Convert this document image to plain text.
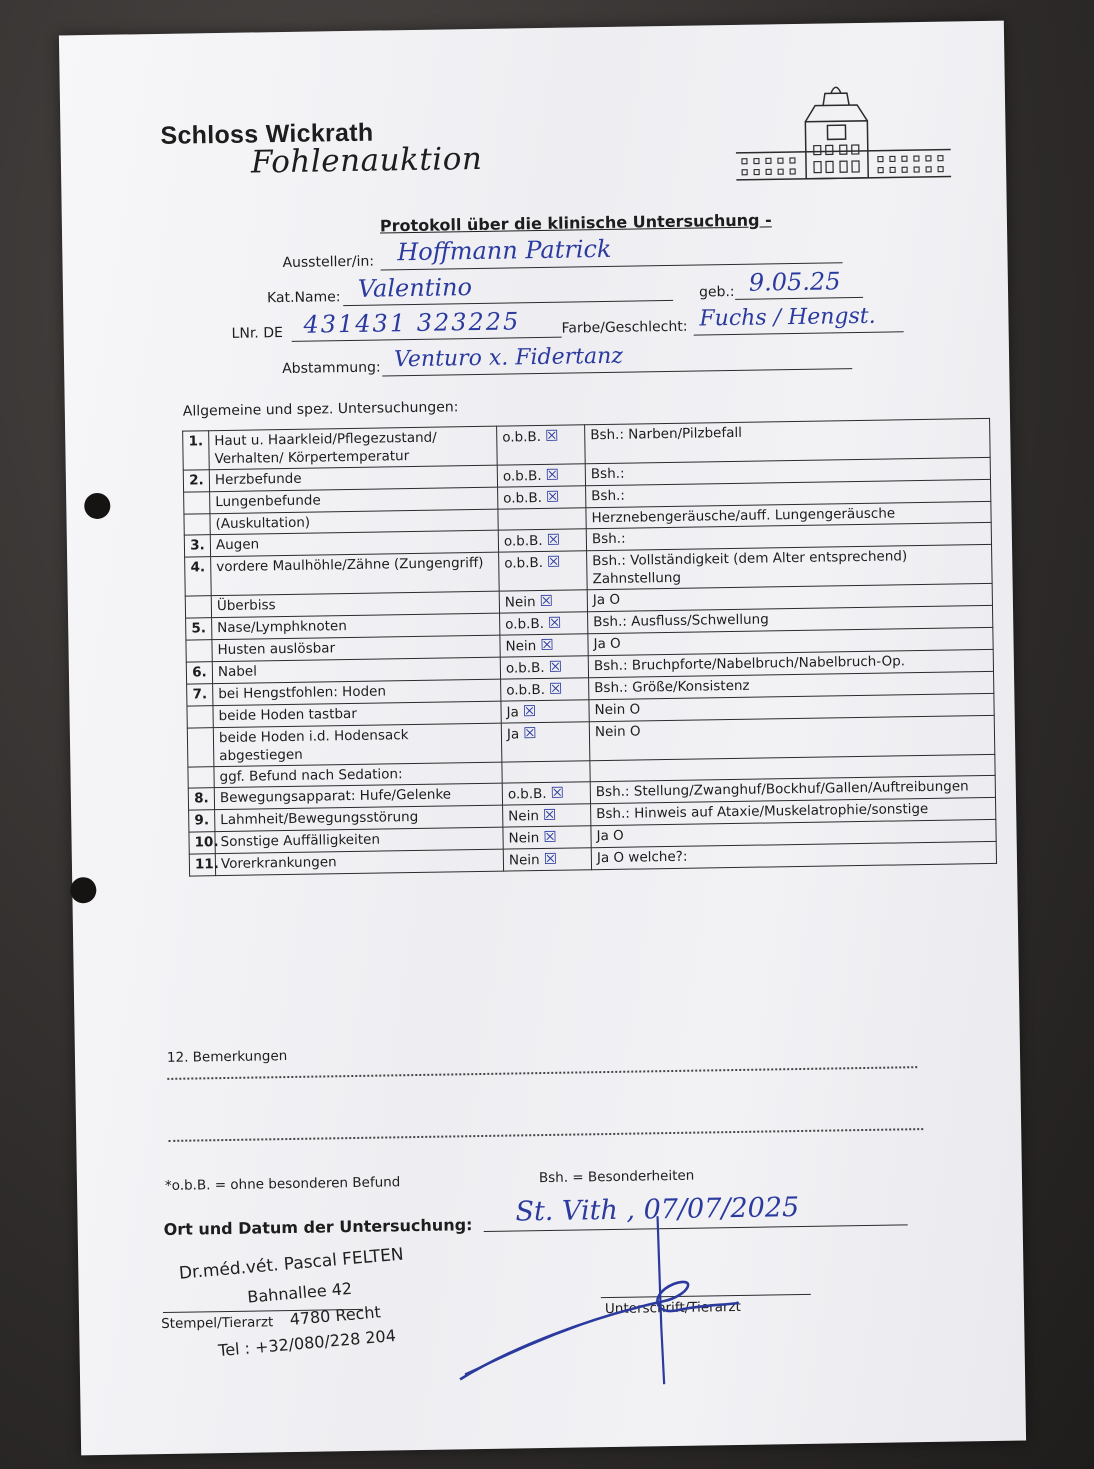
Schloss Wickrath
Fohlenauktion
Protokoll über die klinische Untersuchung -
Aussteller/in: Hoffmann Patrick
Kat.Name: Valentino	geb.: 9.05.25
LNr. DE 431431 323225	Farbe/Geschlecht: Fuchs / Hengst.
Abstammung: Venturo x. Fidertanz
Allgemeine und spez. Untersuchungen:
1.	Haut u. Haarkleid/Pflegezustand/ Verhalten/ Körpertemperatur	o.b.B. ☒	Bsh.: Narben/Pilzbefall
2.	Herzbefunde	o.b.B. ☒	Bsh.:
	Lungenbefunde	o.b.B. ☒	Bsh.:
	(Auskultation)		Herznebengeräusche/auff. Lungengeräusche
3.	Augen	o.b.B. ☒	Bsh.:
4.	vordere Maulhöhle/Zähne (Zungengriff)	o.b.B. ☒	Bsh.: Vollständigkeit (dem Alter entsprechend) Zahnstellung
	Überbiss	Nein ☒	Ja O
5.	Nase/Lymphknoten	o.b.B. ☒	Bsh.: Ausfluss/Schwellung
	Husten auslösbar	Nein ☒	Ja O
6.	Nabel	o.b.B. ☒	Bsh.: Bruchpforte/Nabelbruch/Nabelbruch-Op.
7.	bei Hengstfohlen: Hoden	o.b.B. ☒	Bsh.: Größe/Konsistenz
	beide Hoden tastbar	Ja ☒	Nein O
	beide Hoden i.d. Hodensack abgestiegen	Ja ☒	Nein O
	ggf. Befund nach Sedation:		
8.	Bewegungsapparat: Hufe/Gelenke	o.b.B. ☒	Bsh.: Stellung/Zwanghuf/Bockhuf/Gallen/Auftreibungen
9.	Lahmheit/Bewegungsstörung	Nein ☒	Bsh.: Hinweis auf Ataxie/Muskelatrophie/sonstige
10.	Sonstige Auffälligkeiten	Nein ☒	Ja O
11.	Vorerkrankungen	Nein ☒	Ja O welche?:
12. Bemerkungen
*o.b.B. = ohne besonderen Befund	Bsh. = Besonderheiten
Ort und Datum der Untersuchung: St. Vith , 07/07/2025
Dr.méd.vét. Pascal FELTEN
Bahnallee 42
4780 Recht
Tel : +32/080/228 204
Stempel/Tierarzt
Unterschrift/Tierarzt
